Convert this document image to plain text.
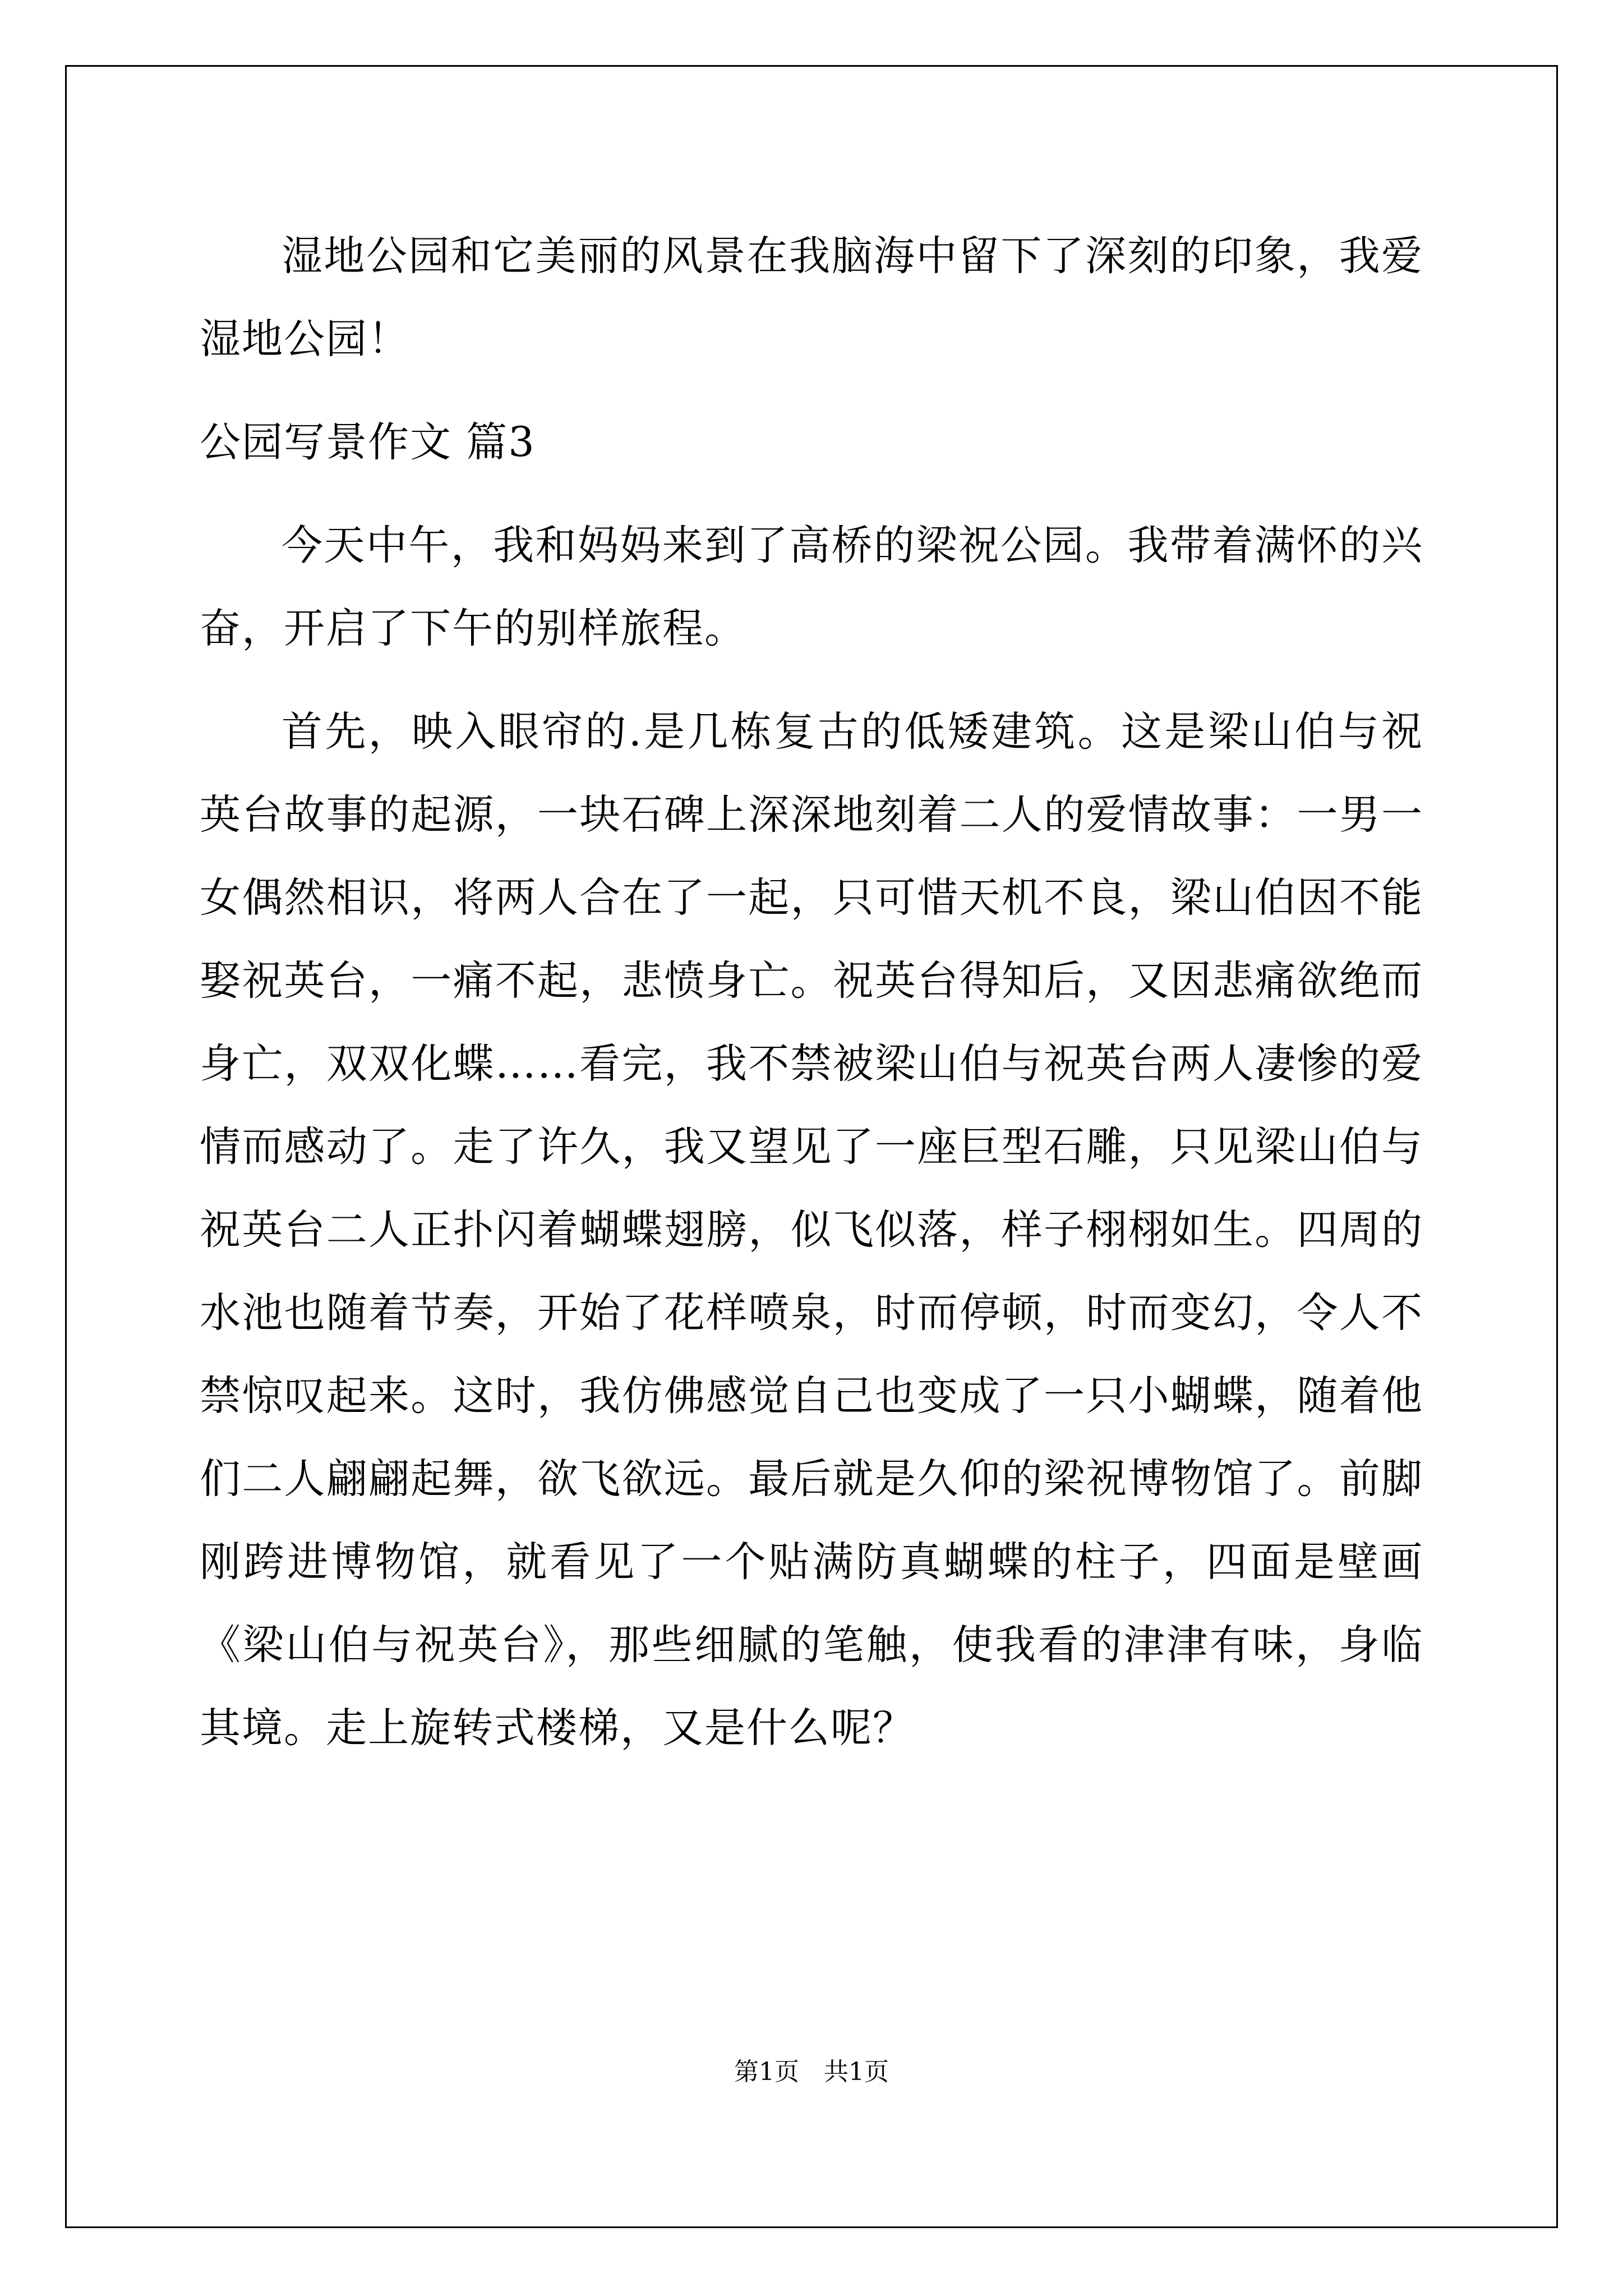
湿地公园和它美丽的风景在我脑海中留下了深刻的印象，我爱湿地公园！

公园写景作文 篇3

今天中午，我和妈妈来到了高桥的梁祝公园。我带着满怀的兴奋，开启了下午的别样旅程。

首先，映入眼帘的.是几栋复古的低矮建筑。这是梁山伯与祝英台故事的起源，一块石碑上深深地刻着二人的爱情故事：一男一女偶然相识，将两人合在了一起，只可惜天机不良，梁山伯因不能娶祝英台，一痛不起，悲愤身亡。祝英台得知后，又因悲痛欲绝而身亡，双双化蝶……看完，我不禁被梁山伯与祝英台两人凄惨的爱情而感动了。走了许久，我又望见了一座巨型石雕，只见梁山伯与祝英台二人正扑闪着蝴蝶翅膀，似飞似落，样子栩栩如生。四周的水池也随着节奏，开始了花样喷泉，时而停顿，时而变幻，令人不禁惊叹起来。这时，我仿佛感觉自己也变成了一只小蝴蝶，随着他们二人翩翩起舞，欲飞欲远。最后就是久仰的梁祝博物馆了。前脚刚跨进博物馆，就看见了一个贴满防真蝴蝶的柱子，四面是壁画《梁山伯与祝英台》，那些细腻的笔触，使我看的津津有味，身临其境。走上旋转式楼梯，又是什么呢？

第1页 共1页
